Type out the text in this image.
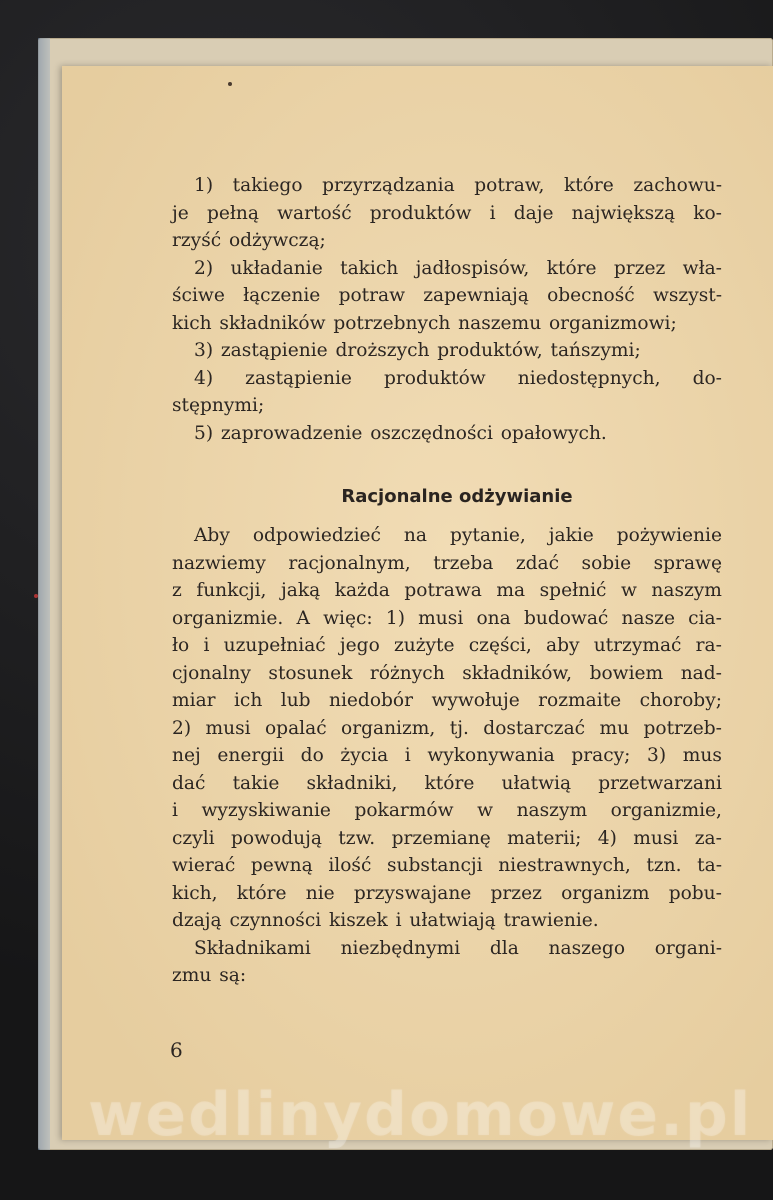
1) takiego przyrządzania potraw, które zachowu-
je pełną wartość produktów i daje największą ko-
rzyść odżywczą;
2) układanie takich jadłospisów, które przez wła-
ściwe łączenie potraw zapewniają obecność wszyst-
kich składników potrzebnych naszemu organizmowi;
3) zastąpienie droższych produktów, tańszymi;
4) zastąpienie produktów niedostępnych, do-
stępnymi;
5) zaprowadzenie oszczędności opałowych.
Racjonalne odżywianie
Aby odpowiedzieć na pytanie, jakie pożywienie
nazwiemy racjonalnym, trzeba zdać sobie sprawę
z funkcji, jaką każda potrawa ma spełnić w naszym
organizmie. A więc: 1) musi ona budować nasze cia-
ło i uzupełniać jego zużyte części, aby utrzymać ra-
cjonalny stosunek różnych składników, bowiem nad-
miar ich lub niedobór wywołuje rozmaite choroby;
2) musi opalać organizm, tj. dostarczać mu potrzeb-
nej energii do życia i wykonywania pracy; 3) mus
dać takie składniki, które ułatwią przetwarzani
i wyzyskiwanie pokarmów w naszym organizmie,
czyli powodują tzw. przemianę materii; 4) musi za-
wierać pewną ilość substancji niestrawnych, tzn. ta-
kich, które nie przyswajane przez organizm pobu-
dzają czynności kiszek i ułatwiają trawienie.
Składnikami niezbędnymi dla naszego organi-
zmu są:
6
wedlinydomowe.pl
